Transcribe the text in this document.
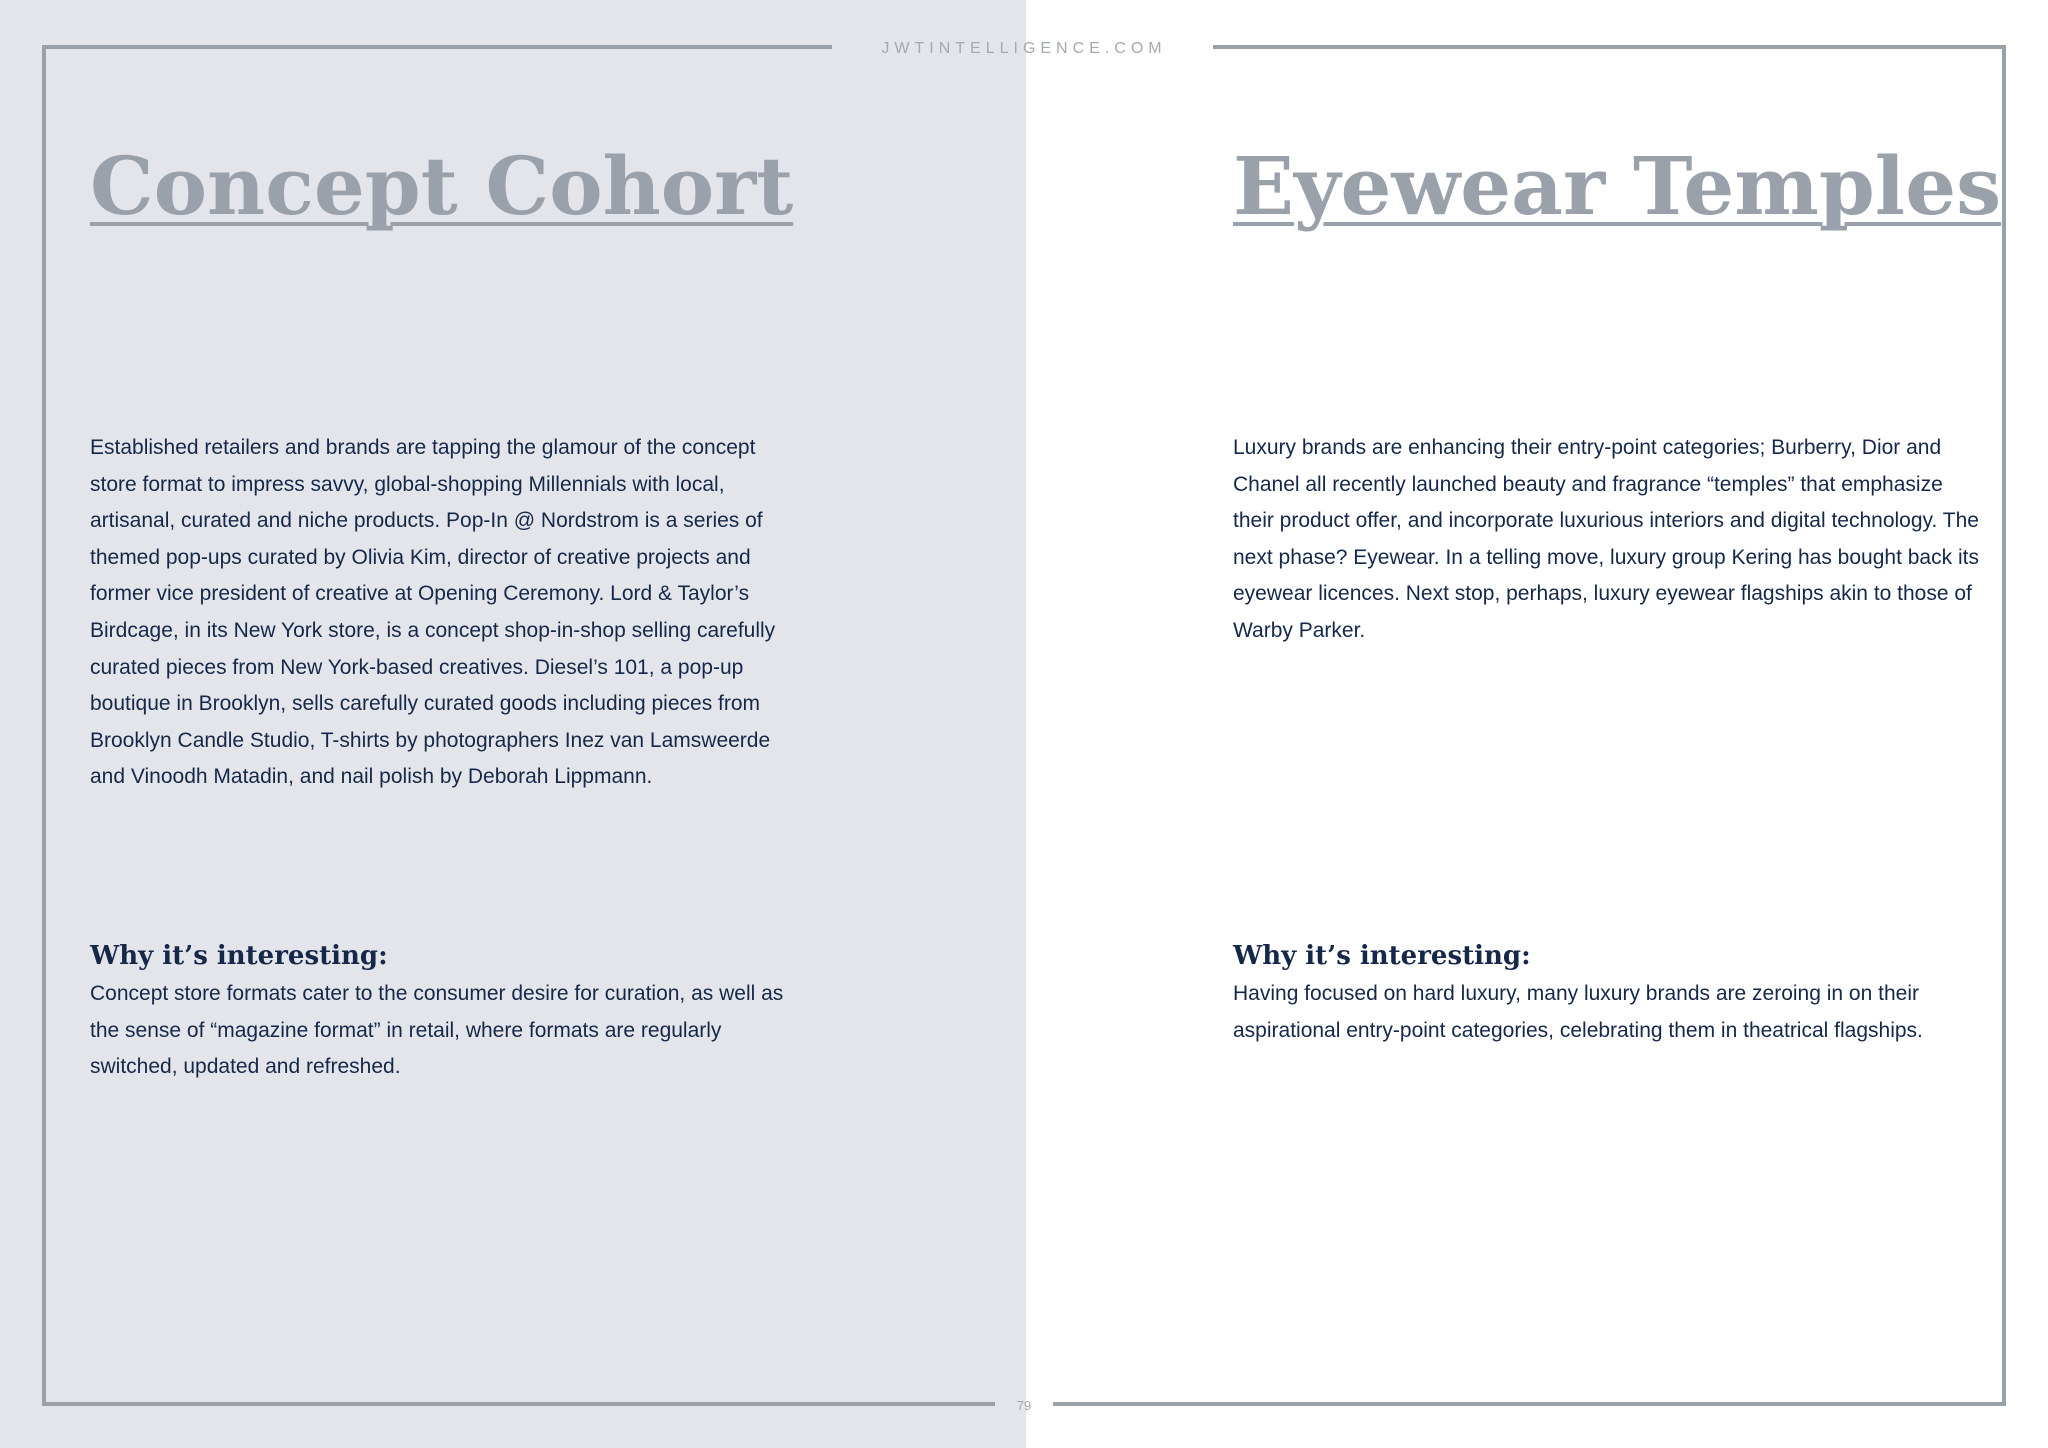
JWTINTELLIGENCE.COM
79
Concept Cohort

Established retailers and brands are tapping the glamour of the concept store format to impress savvy, global-shopping Millennials with local, artisanal, curated and niche products. Pop-In @ Nordstrom is a series of themed pop-ups curated by Olivia Kim, director of creative projects and former vice president of creative at Opening Ceremony. Lord & Taylor’s Birdcage, in its New York store, is a concept shop-in-shop selling carefully curated pieces from New York-based creatives. Diesel’s 101, a pop-up boutique in Brooklyn, sells carefully curated goods including pieces from Brooklyn Candle Studio, T-shirts by photographers Inez van Lamsweerde and Vinoodh Matadin, and nail polish by Deborah Lippmann.

Why it’s interesting:

Concept store formats cater to the consumer desire for curation, as well as the sense of “magazine format” in retail, where formats are regularly switched, updated and refreshed.

Eyewear Temples

Luxury brands are enhancing their entry-point categories; Burberry, Dior and Chanel all recently launched beauty and fragrance “temples” that emphasize their product offer, and incorporate luxurious interiors and digital technology. The next phase? Eyewear. In a telling move, luxury group Kering has bought back its eyewear licences. Next stop, perhaps, luxury eyewear flagships akin to those of Warby Parker.

Why it’s interesting:

Having focused on hard luxury, many luxury brands are zeroing in on their aspirational entry-point categories, celebrating them in theatrical flagships.
